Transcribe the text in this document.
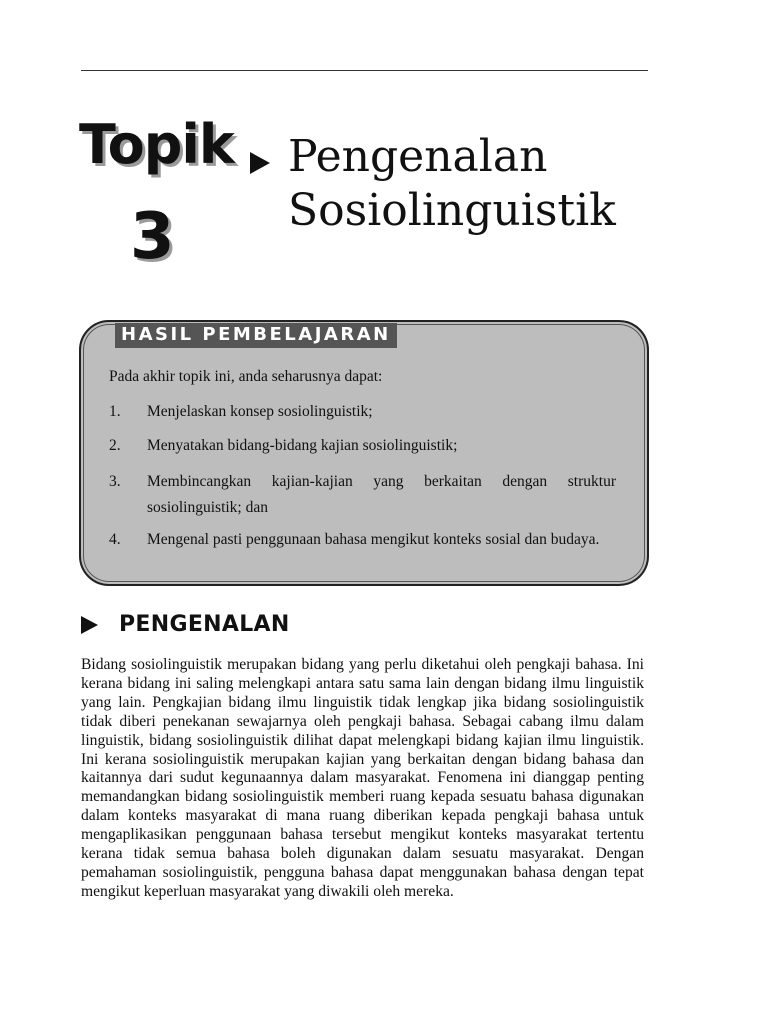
Topik
3
Pengenalan
Sosiolinguistik
HASIL PEMBELAJARAN
Pada akhir topik ini, anda seharusnya dapat:
1.	Menjelaskan konsep sosiolinguistik;
2.	Menyatakan bidang-bidang kajian sosiolinguistik;
3.	Membincangkan kajian-kajian yang berkaitan dengan struktur sosiolinguistik; dan
4.	Mengenal pasti penggunaan bahasa mengikut konteks sosial dan budaya.
PENGENALAN

Bidang sosiolinguistik merupakan bidang yang perlu diketahui oleh pengkaji bahasa. Ini kerana bidang ini saling melengkapi antara satu sama lain dengan bidang ilmu linguistik yang lain. Pengkajian bidang ilmu linguistik tidak lengkap jika bidang sosiolinguistik tidak diberi penekanan sewajarnya oleh pengkaji bahasa. Sebagai cabang ilmu dalam linguistik, bidang sosiolinguistik dilihat dapat melengkapi bidang kajian ilmu linguistik. Ini kerana sosiolinguistik merupakan kajian yang berkaitan dengan bidang bahasa dan kaitannya dari sudut kegunaannya dalam masyarakat. Fenomena ini dianggap penting memandangkan bidang sosiolinguistik memberi ruang kepada sesuatu bahasa digunakan dalam konteks masyarakat di mana ruang diberikan kepada pengkaji bahasa untuk mengaplikasikan penggunaan bahasa tersebut mengikut konteks masyarakat tertentu kerana tidak semua bahasa boleh digunakan dalam sesuatu masyarakat. Dengan pemahaman sosiolinguistik, pengguna bahasa dapat menggunakan bahasa dengan tepat mengikut keperluan masyarakat yang diwakili oleh mereka.
